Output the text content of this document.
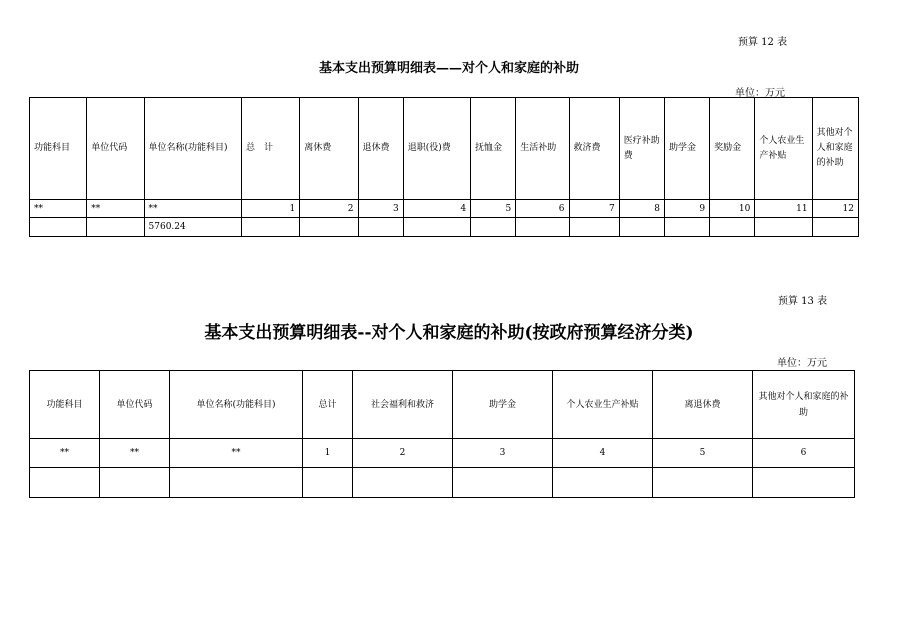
预算 12 表
基本支出预算明细表——对个人和家庭的补助
单位：万元
功能科目	单位代码	单位名称(功能科目)	总　计	离休费	退休费	退职(役)费	抚恤金	生活补助	救济费	医疗补助费	助学金	奖励金	个人农业生产补贴	其他对个人和家庭的补助
**	**	**	1	2	3	4	5	6	7	8	9	10	11	12
		5760.24												
预算 13 表
基本支出预算明细表--对个人和家庭的补助(按政府预算经济分类)
单位：万元
功能科目	单位代码	单位名称(功能科目)	总计	社会福利和救济	助学金	个人农业生产补贴	离退休费	其他对个人和家庭的补助
**	**	**	1	2	3	4	5	6
